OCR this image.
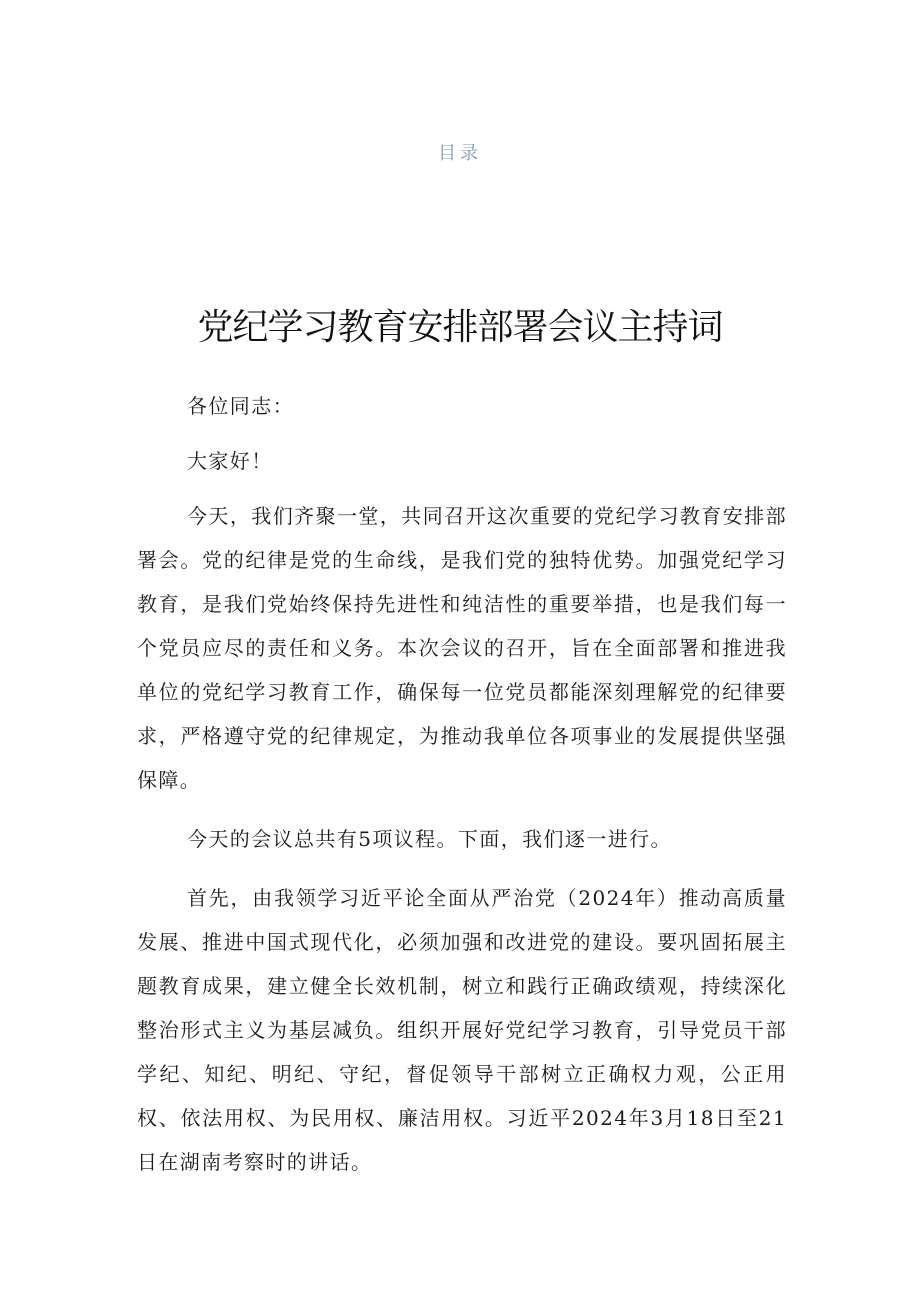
目录
党纪学习教育安排部署会议主持词

各位同志：

大家好！

今天，我们齐聚一堂，共同召开这次重要的党纪学习教育安排部署会。党的纪律是党的生命线，是我们党的独特优势。加强党纪学习教育，是我们党始终保持先进性和纯洁性的重要举措，也是我们每一个党员应尽的责任和义务。本次会议的召开，旨在全面部署和推进我单位的党纪学习教育工作，确保每一位党员都能深刻理解党的纪律要求，严格遵守党的纪律规定，为推动我单位各项事业的发展提供坚强保障。

今天的会议总共有5项议程。下面，我们逐一进行。

首先，由我领学习近平论全面从严治党（2024年）推动高质量发展、推进中国式现代化，必须加强和改进党的建设。要巩固拓展主题教育成果，建立健全长效机制，树立和践行正确政绩观，持续深化整治形式主义为基层减负。组织开展好党纪学习教育，引导党员干部学纪、知纪、明纪、守纪，督促领导干部树立正确权力观，公正用权、依法用权、为民用权、廉洁用权。习近平2024年3月18日至21日在湖南考察时的讲话。
